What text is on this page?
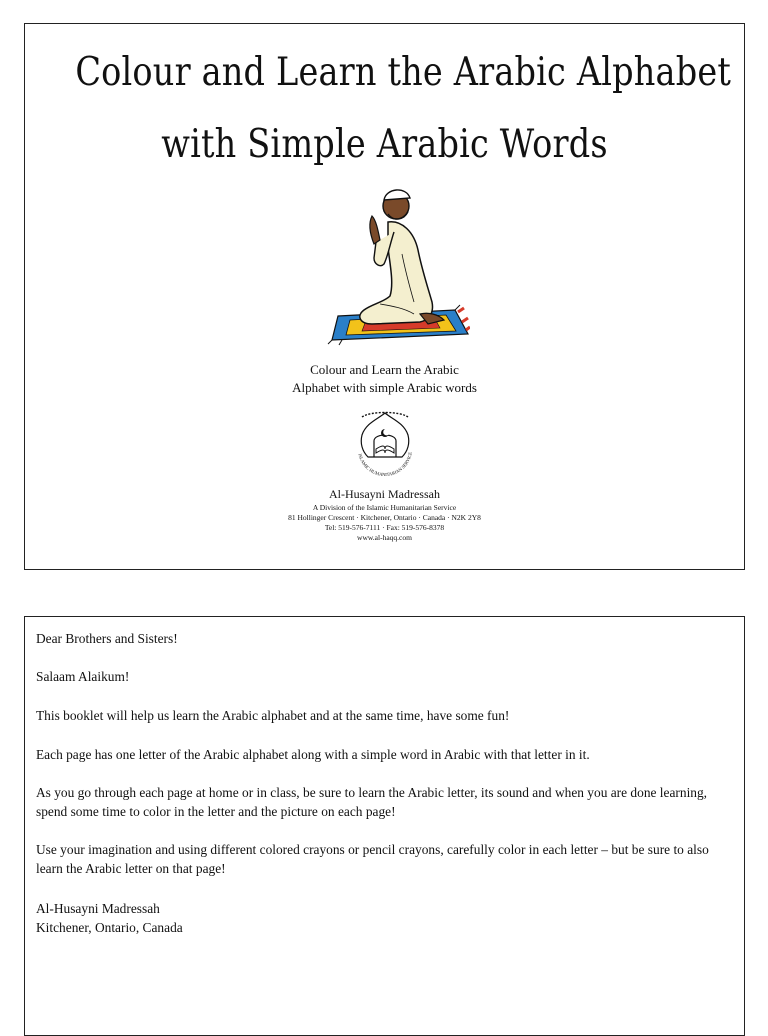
Colour and Learn the Arabic Alphabet
with Simple Arabic Words
Colour and Learn the Arabic
Alphabet with simple Arabic words
ISLAMIC HUMANITARIAN SERVICE
Al-Husayni Madressah
A Division of the Islamic Humanitarian Service
81 Hollinger Crescent · Kitchener, Ontario · Canada · N2K 2Y8
Tel: 519-576-7111 · Fax: 519-576-8378
www.al-haqq.com
Dear Brothers and Sisters!
Salaam Alaikum!
This booklet will help us learn the Arabic alphabet and at the same time, have some fun!
Each page has one letter of the Arabic alphabet along with a simple word in Arabic with that letter in it.
As you go through each page at home or in class, be sure to learn the Arabic letter, its sound and when you are done learning, spend some time to color in the letter and the picture on each page!
Use your imagination and using different colored crayons or pencil crayons, carefully color in each letter – but be sure to also learn the Arabic letter on that page!
Al-Husayni Madressah
Kitchener, Ontario, Canada
